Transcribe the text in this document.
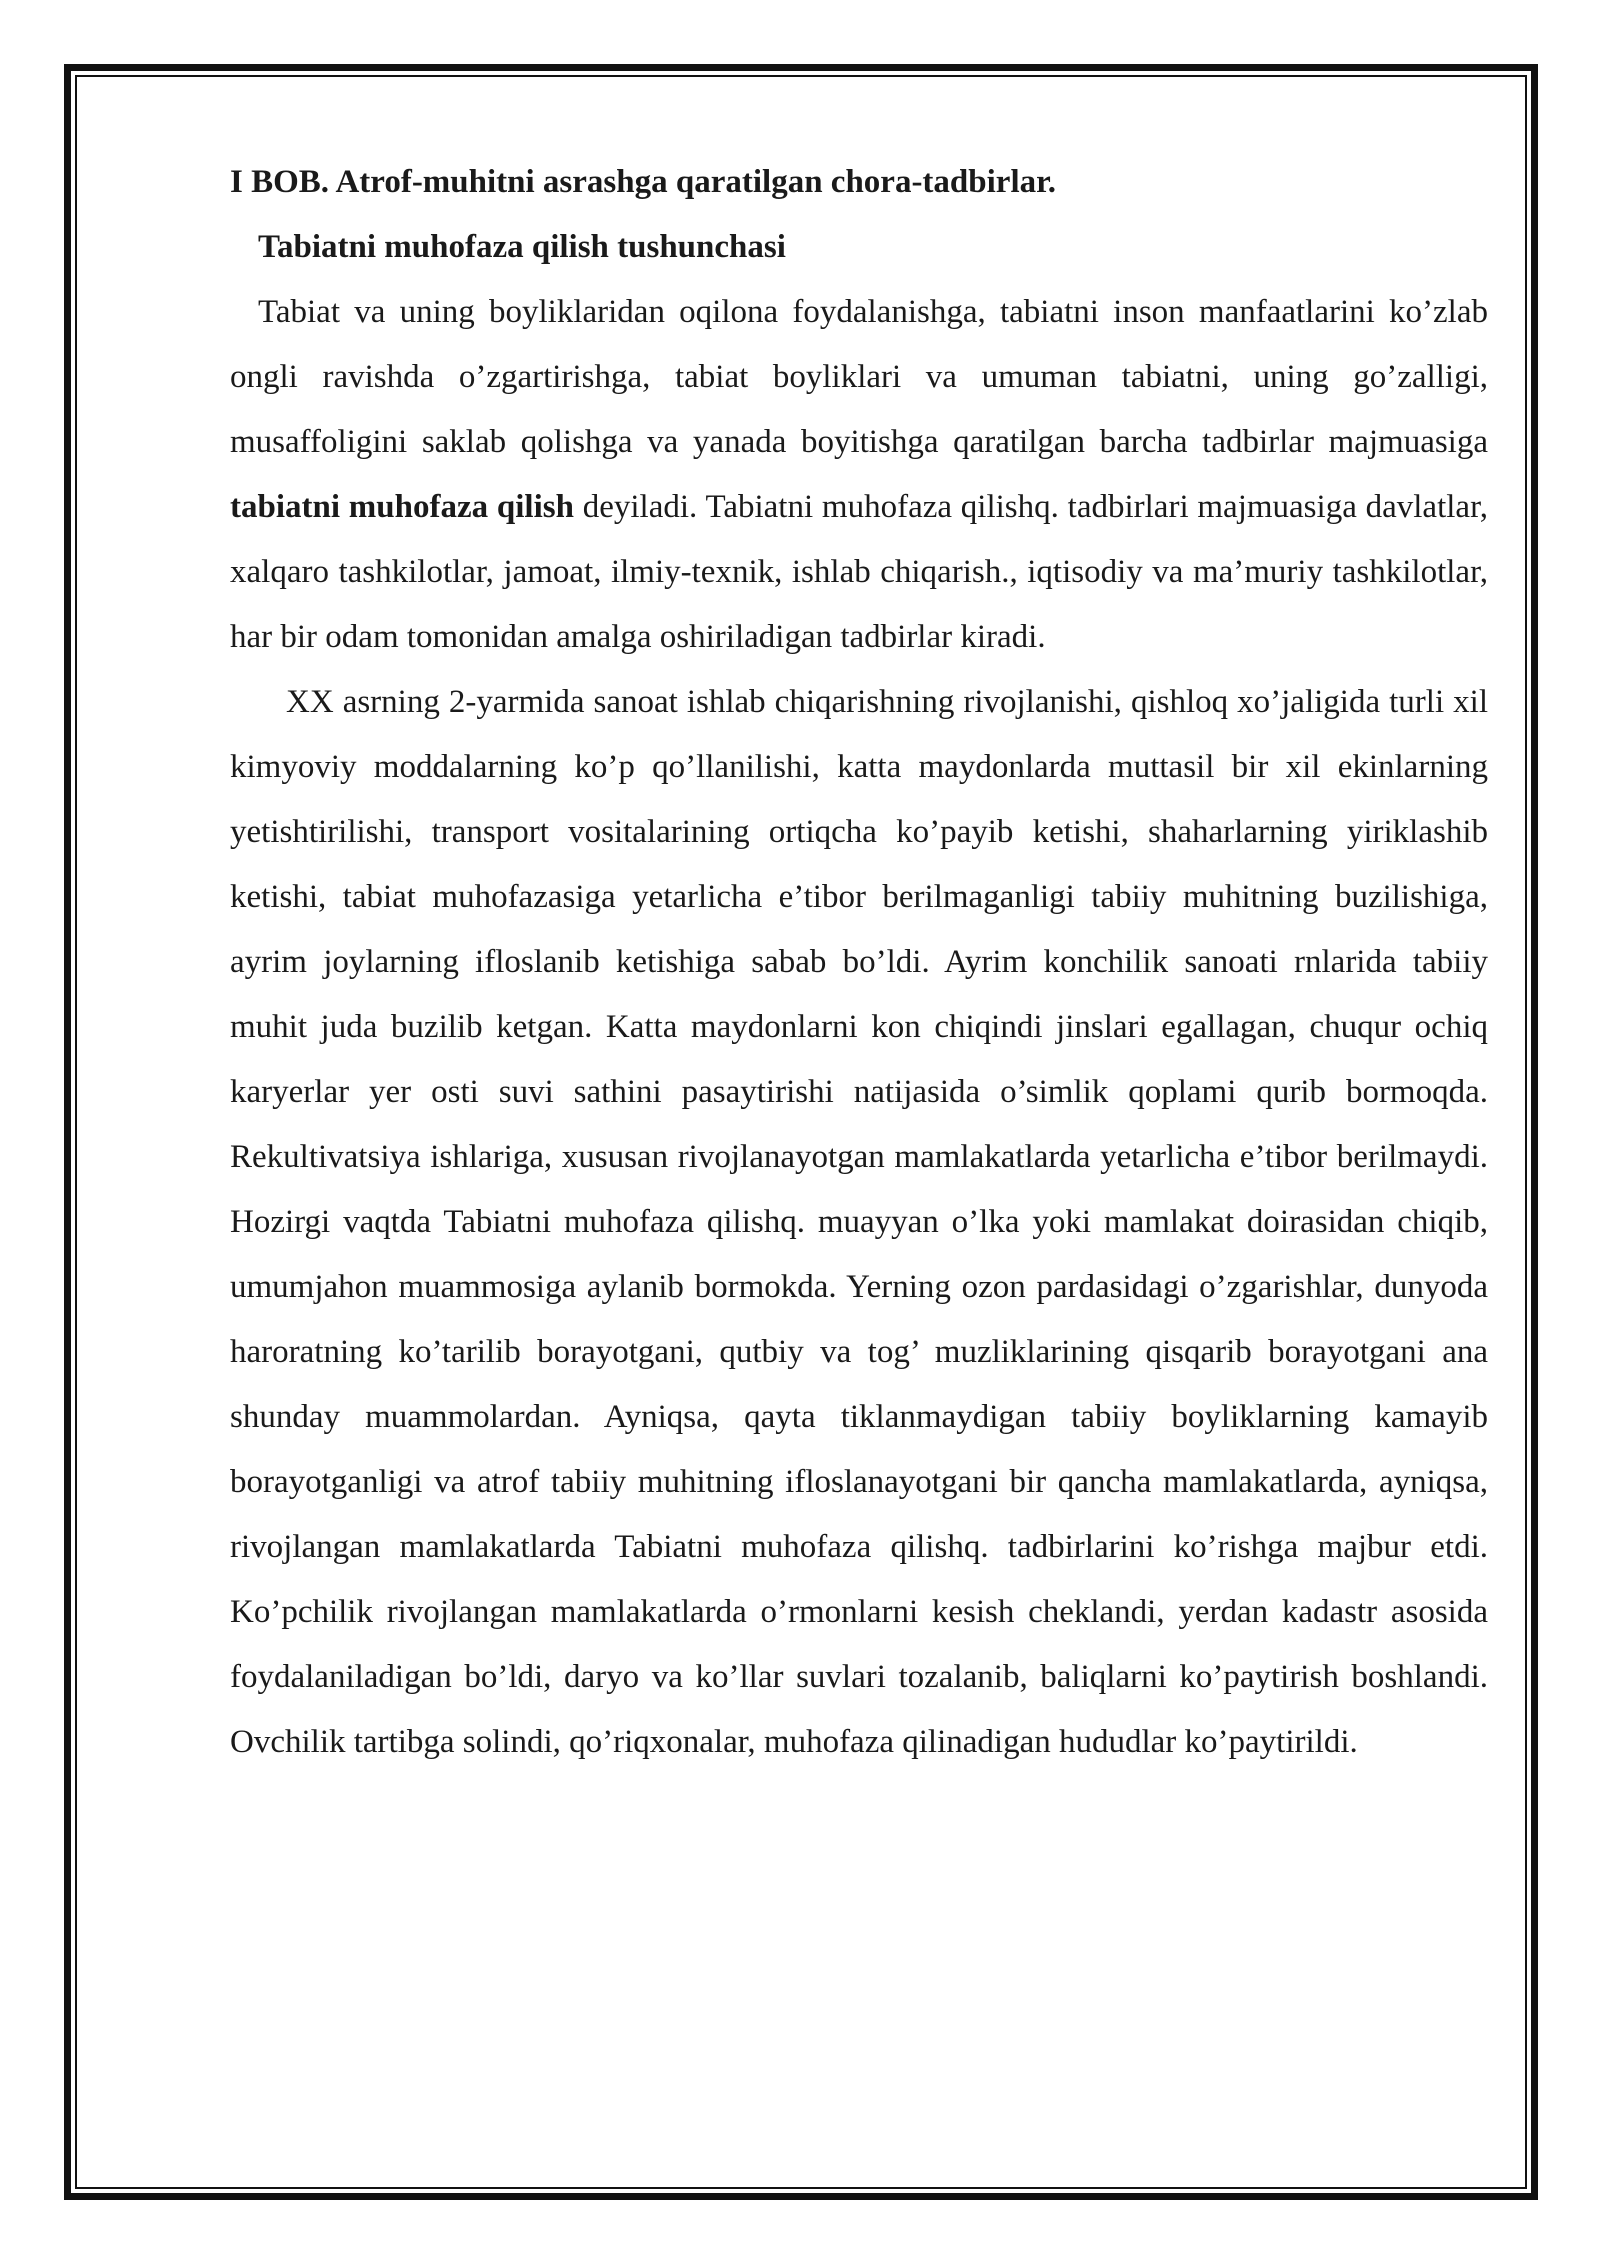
I BOB. Atrof-muhitni asrashga qaratilgan chora-tadbirlar.

Tabiatni muhofaza qilish tushunchasi

Tabiat va uning boyliklaridan oqilona foydalanishga, tabiatni inson manfaatlarini ko’zlab ongli ravishda o’zgartirishga, tabiat boyliklari va umuman tabiatni, uning go’zalligi, musaffoligini saklab qolishga va yanada boyitishga qaratilgan barcha tadbirlar majmuasiga tabiatni muhofaza qilish deyiladi. Tabiatni muhofaza qilishq. tadbirlari majmuasiga davlatlar, xalqaro tashkilotlar, jamoat, ilmiy-texnik, ishlab chiqarish., iqtisodiy va ma’muriy tashkilotlar, har bir odam tomonidan amalga oshiriladigan tadbirlar kiradi.

XX asrning 2-yarmida sanoat ishlab chiqarishning rivojlanishi, qishloq xo’jaligida turli xil kimyoviy moddalarning ko’p qo’llanilishi, katta maydonlarda muttasil bir xil ekinlarning yetishtirilishi, transport vositalarining ortiqcha ko’payib ketishi, shaharlarning yiriklashib ketishi, tabiat muhofazasiga yetarlicha e’tibor berilmaganligi tabiiy muhitning buzilishiga, ayrim joylarning ifloslanib ketishiga sabab bo’ldi. Ayrim konchilik sanoati rnlarida tabiiy muhit juda buzilib ketgan. Katta maydonlarni kon chiqindi jinslari egallagan, chuqur ochiq karyerlar yer osti suvi sathini pasaytirishi natijasida o’simlik qoplami qurib bormoqda. Rekultivatsiya ishlariga, xususan rivojlanayotgan mamlakatlarda yetarlicha e’tibor berilmaydi. Hozirgi vaqtda Tabiatni muhofaza qilishq. muayyan o’lka yoki mamlakat doirasidan chiqib, umumjahon muammosiga aylanib bormokda. Yerning ozon pardasidagi o’zgarishlar, dunyoda haroratning ko’tarilib borayotgani, qutbiy va tog’ muzliklarining qisqarib borayotgani ana shunday muammolardan. Ayniqsa, qayta tiklanmaydigan tabiiy boyliklarning kamayib borayotganligi va atrof tabiiy muhitning ifloslanayotgani bir qancha mamlakatlarda, ayniqsa, rivojlangan mamlakatlarda Tabiatni muhofaza qilishq. tadbirlarini ko’rishga majbur etdi. Ko’pchilik rivojlangan mamlakatlarda o’rmonlarni kesish cheklandi, yerdan kadastr asosida foydalaniladigan bo’ldi, daryo va ko’llar suvlari tozalanib, baliqlarni ko’paytirish boshlandi. Ovchilik tartibga solindi, qo’riqxonalar, muhofaza qilinadigan hududlar ko’paytirildi.
